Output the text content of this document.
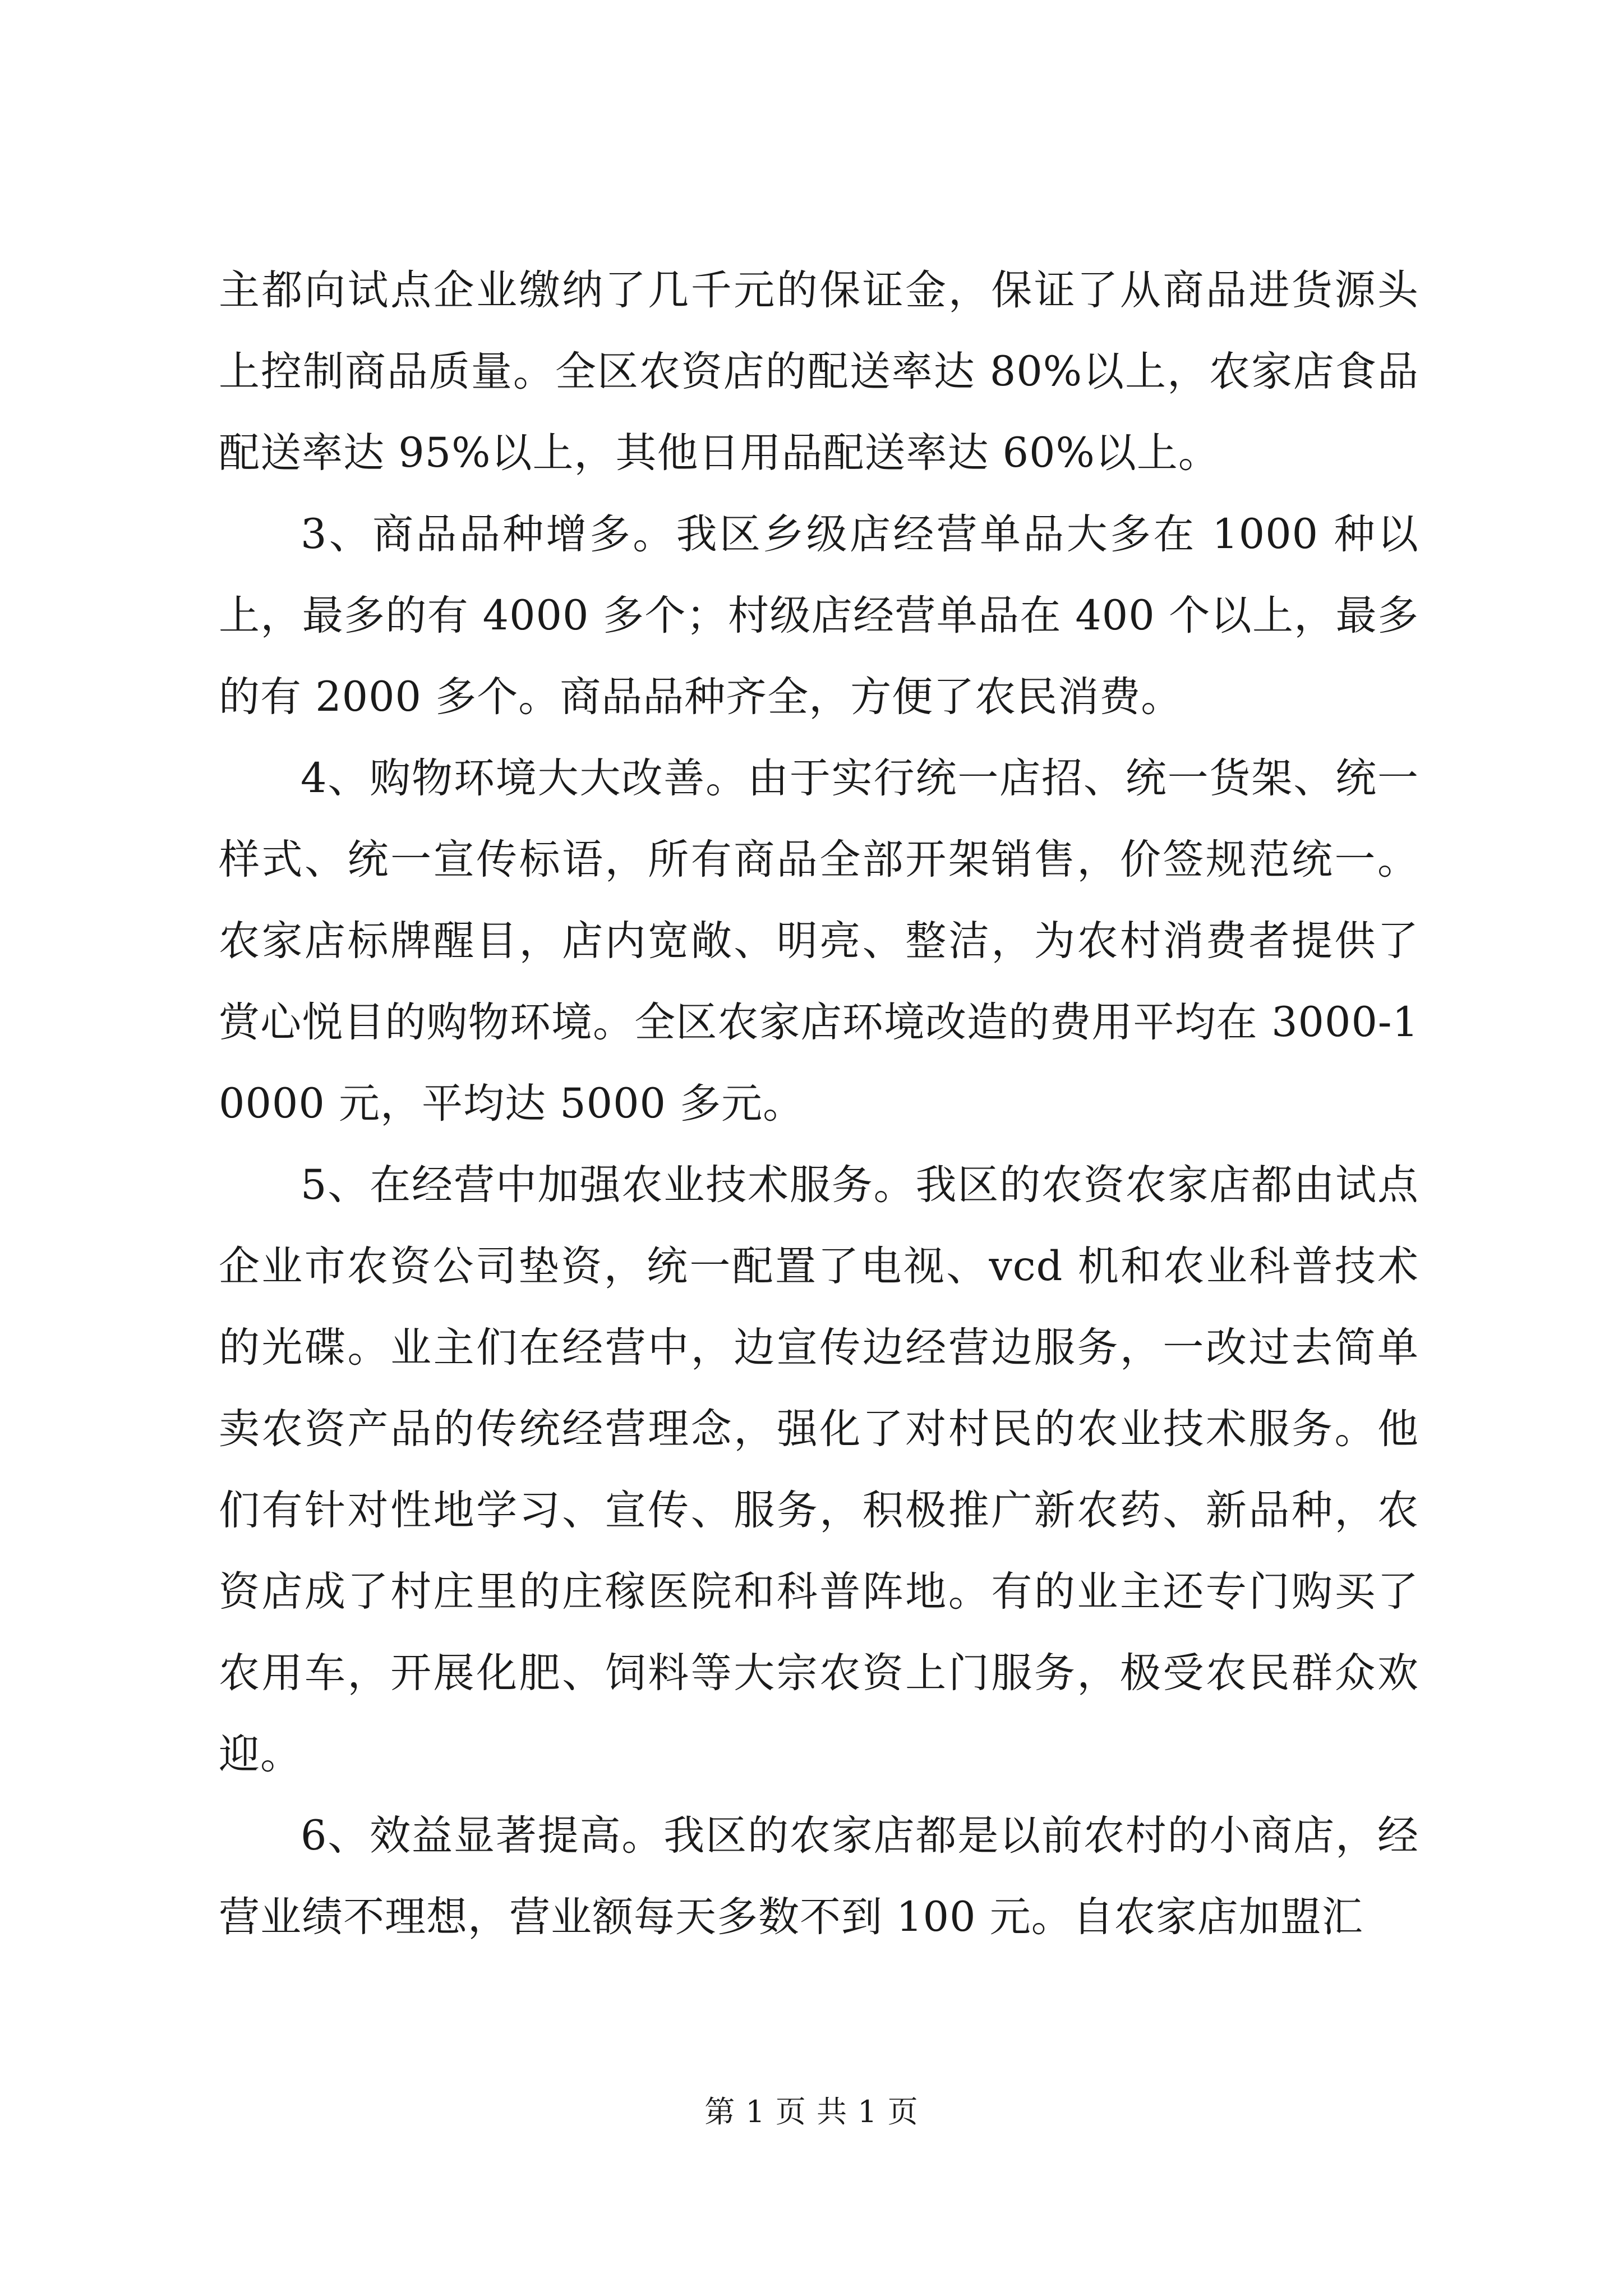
主都向试点企业缴纳了几千元的保证金，保证了从商品进货源头上控制商品质量。全区农资店的配送率达 80%以上，农家店食品配送率达 95%以上，其他日用品配送率达 60%以上。

3、商品品种增多。我区乡级店经营单品大多在 1000 种以上，最多的有 4000 多个；村级店经营单品在 400 个以上，最多的有 2000 多个。商品品种齐全，方便了农民消费。

4、购物环境大大改善。由于实行统一店招、统一货架、统一样式、统一宣传标语，所有商品全部开架销售，价签规范统一。农家店标牌醒目，店内宽敞、明亮、整洁，为农村消费者提供了赏心悦目的购物环境。全区农家店环境改造的费用平均在 3000-10000 元，平均达 5000 多元。

5、在经营中加强农业技术服务。我区的农资农家店都由试点企业市农资公司垫资，统一配置了电视、vcd 机和农业科普技术的光碟。业主们在经营中，边宣传边经营边服务，一改过去简单卖农资产品的传统经营理念，强化了对村民的农业技术服务。他们有针对性地学习、宣传、服务，积极推广新农药、新品种，农资店成了村庄里的庄稼医院和科普阵地。有的业主还专门购买了农用车，开展化肥、饲料等大宗农资上门服务，极受农民群众欢迎。

6、效益显著提高。我区的农家店都是以前农村的小商店，经营业绩不理想，营业额每天多数不到 100 元。自农家店加盟汇

第 1 页 共 1 页
